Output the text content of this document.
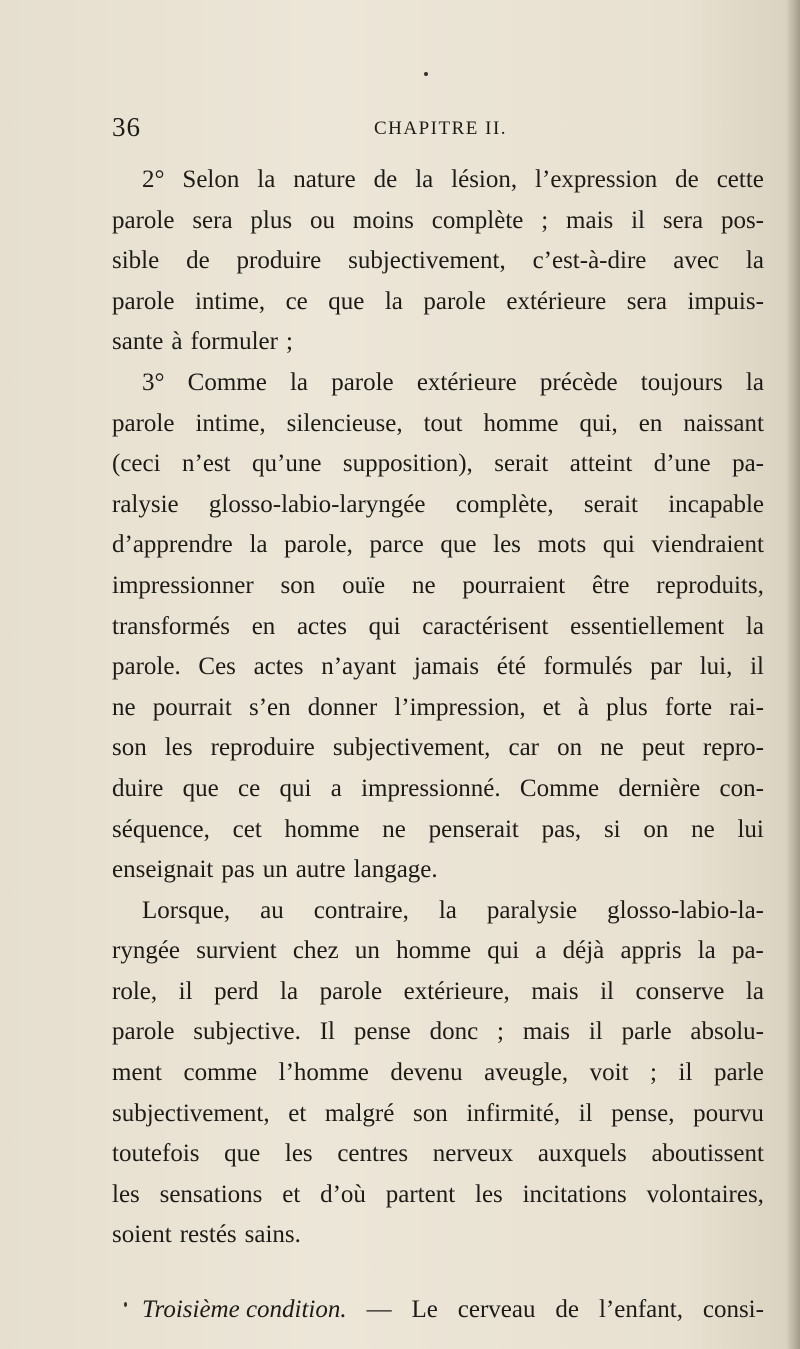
36	CHAPITRE II.
2° Selon la nature de la lésion, l’expression de cette
parole sera plus ou moins complète ; mais il sera pos-
sible de produire subjectivement, c’est-à-dire avec la
parole intime, ce que la parole extérieure sera impuis-
sante à formuler ;
3° Comme la parole extérieure précède toujours la
parole intime, silencieuse, tout homme qui, en naissant
(ceci n’est qu’une supposition), serait atteint d’une pa-
ralysie glosso-labio-laryngée complète, serait incapable
d’apprendre la parole, parce que les mots qui viendraient
impressionner son ouïe ne pourraient être reproduits,
transformés en actes qui caractérisent essentiellement la
parole. Ces actes n’ayant jamais été formulés par lui, il
ne pourrait s’en donner l’impression, et à plus forte rai-
son les reproduire subjectivement, car on ne peut repro-
duire que ce qui a impressionné. Comme dernière con-
séquence, cet homme ne penserait pas, si on ne lui
enseignait pas un autre langage.
Lorsque, au contraire, la paralysie glosso-labio-la-
ryngée survient chez un homme qui a déjà appris la pa-
role, il perd la parole extérieure, mais il conserve la
parole subjective. Il pense donc ; mais il parle absolu-
ment comme l’homme devenu aveugle, voit ; il parle
subjectivement, et malgré son infirmité, il pense, pourvu
toutefois que les centres nerveux auxquels aboutissent
les sensations et d’où partent les incitations volontaires,
soient restés sains.
Troisième condition. — Le cerveau de l’enfant, consi-
